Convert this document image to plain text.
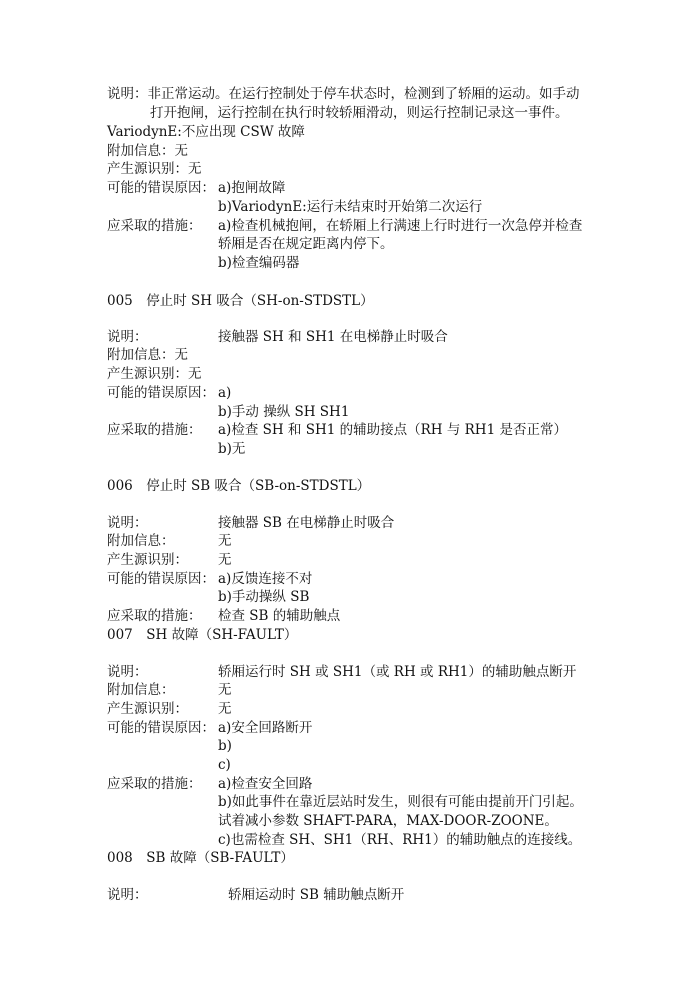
说明：非正常运动。在运行控制处于停车状态时，检测到了轿厢的运动。如手动
打开抱闸，运行控制在执行时较轿厢滑动，则运行控制记录这一事件。
VariodynE:不应出现 CSW 故障
附加信息：无
产生源识别：无
可能的错误原因： a)抱闸故障
b)VariodynE:运行未结束时开始第二次运行
应采取的措施： a)检查机械抱闸，在轿厢上行满速上行时进行一次急停并检查
轿厢是否在规定距离内停下。
b)检查编码器
005　停止时 SH 吸合（SH-on-STDSTL）
说明：	接触器 SH 和 SH1 在电梯静止时吸合
附加信息：无
产生源识别：无
可能的错误原因： a)
b)手动 操纵 SH SH1
应采取的措施： a)检查 SH 和 SH1 的辅助接点（RH 与 RH1 是否正常）
b)无
006　停止时 SB 吸合（SB-on-STDSTL）
说明：	接触器 SB 在电梯静止时吸合
附加信息：	无
产生源识别： 无
可能的错误原因： a)反馈连接不对
b)手动操纵 SB
应采取的措施： 检查 SB 的辅助触点
007　SH 故障（SH-FAULT）
说明：	轿厢运行时 SH 或 SH1（或 RH 或 RH1）的辅助触点断开
附加信息：	无
产生源识别： 无
可能的错误原因： a)安全回路断开
b)
c)
应采取的措施： a)检查安全回路
b)如此事件在靠近层站时发生，则很有可能由提前开门引起。
试着减小参数 SHAFT-PARA，MAX-DOOR-ZOONE。
c)也需检查 SH、SH1（RH、RH1）的辅助触点的连接线。
008　SB 故障（SB-FAULT）
说明：	轿厢运动时 SB 辅助触点断开
